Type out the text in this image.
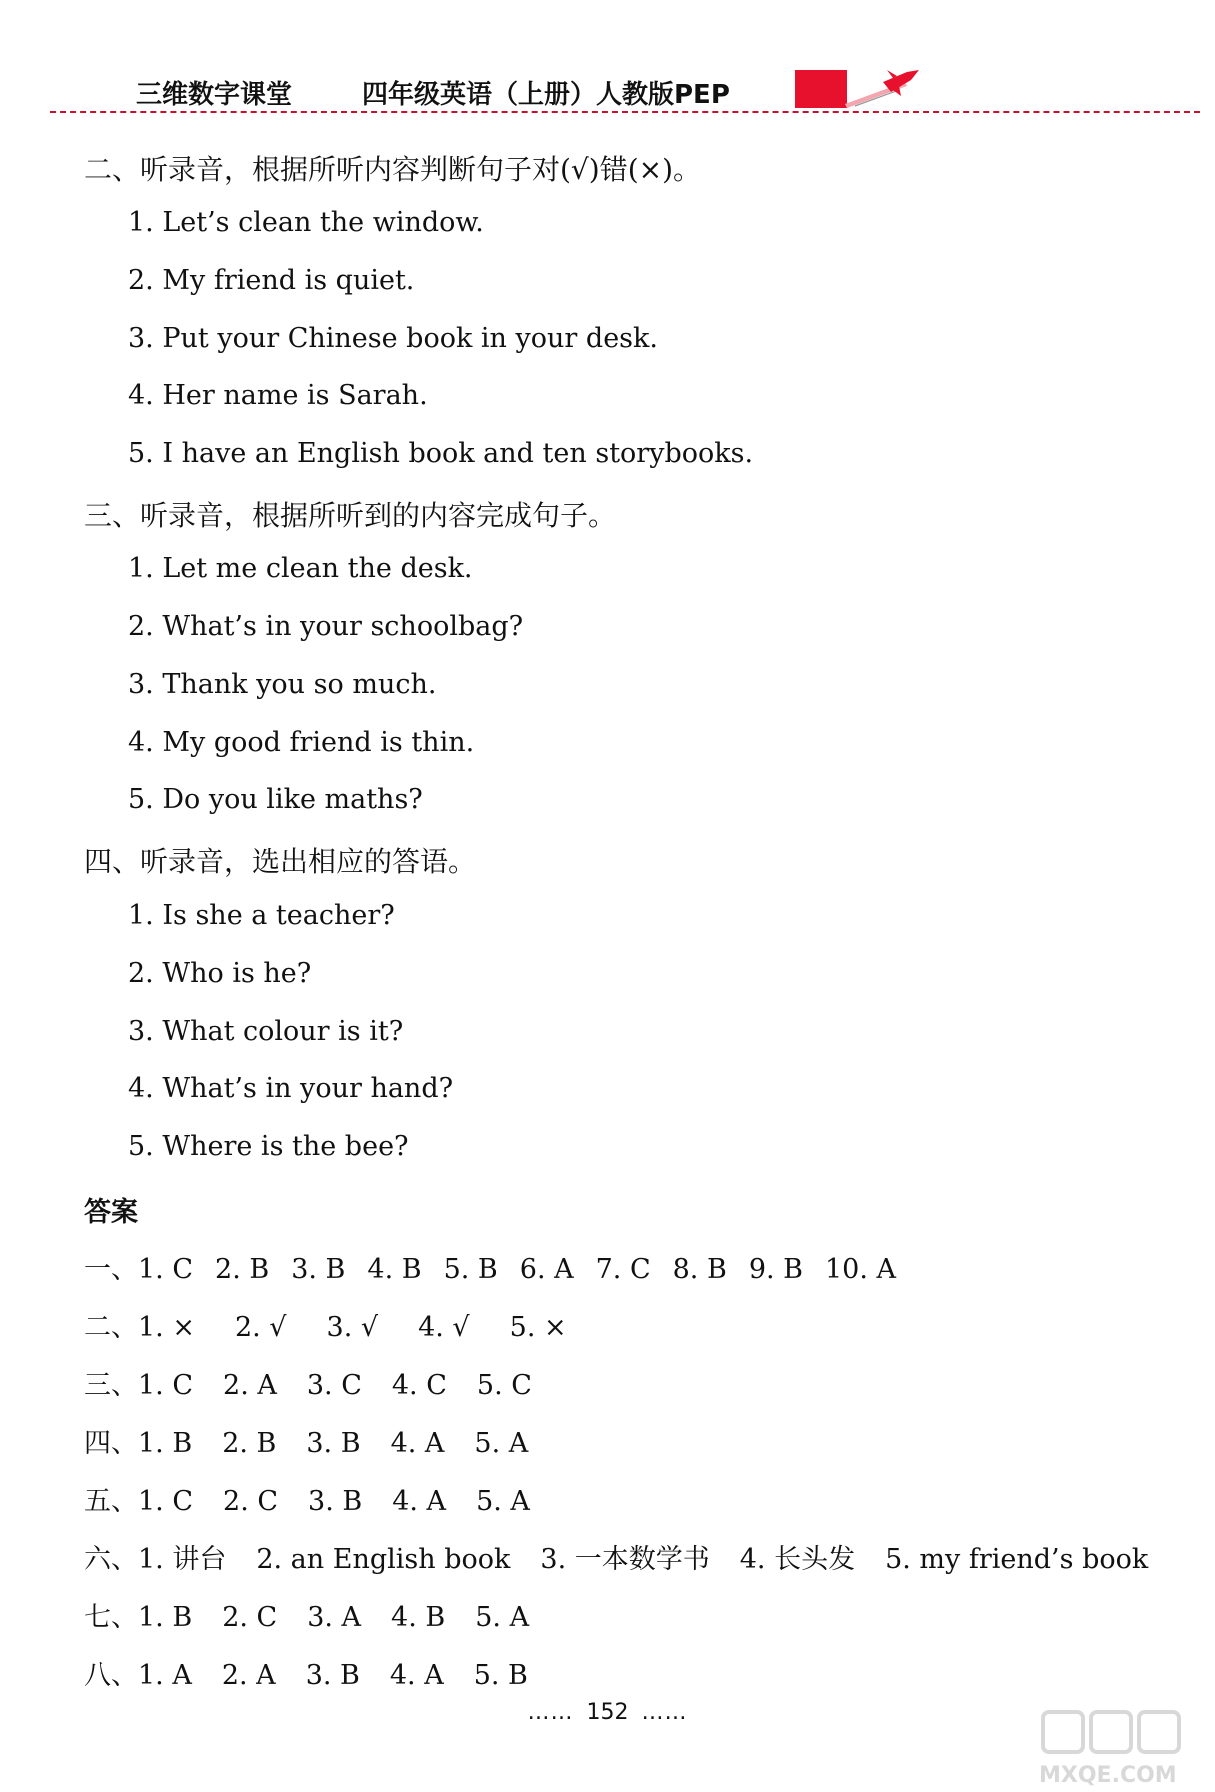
三维数字课堂	四年级英语（上册）人教版PEP
二、听录音，根据所听内容判断句子对(√)错(×)。
1. Let’s clean the window.
2. My friend is quiet.
3. Put your Chinese book in your desk.
4. Her name is Sarah.
5. I have an English book and ten storybooks.
三、听录音，根据所听到的内容完成句子。
1. Let me clean the desk.
2. What’s in your schoolbag?
3. Thank you so much.
4. My good friend is thin.
5. Do you like maths?
四、听录音，选出相应的答语。
1. Is she a teacher?
2. Who is he?
3. What colour is it?
4. What’s in your hand?
5. Where is the bee?
答案
一、1. C 2. B 3. B 4. B 5. B 6. A 7. C 8. B 9. B 10. A
二、1. × 2. √ 3. √ 4. √ 5. ×
三、1. C 2. A 3. C 4. C 5. C
四、1. B 2. B 3. B 4. A 5. A
五、1. C 2. C 3. B 4. A 5. A
六、1. 讲台 2. an English book 3. 一本数学书 4. 长头发 5. my friend’s book
七、1. B 2. C 3. A 4. B 5. A
八、1. A 2. A 3. B 4. A 5. B
…… 152 ……
MXQE.COM
